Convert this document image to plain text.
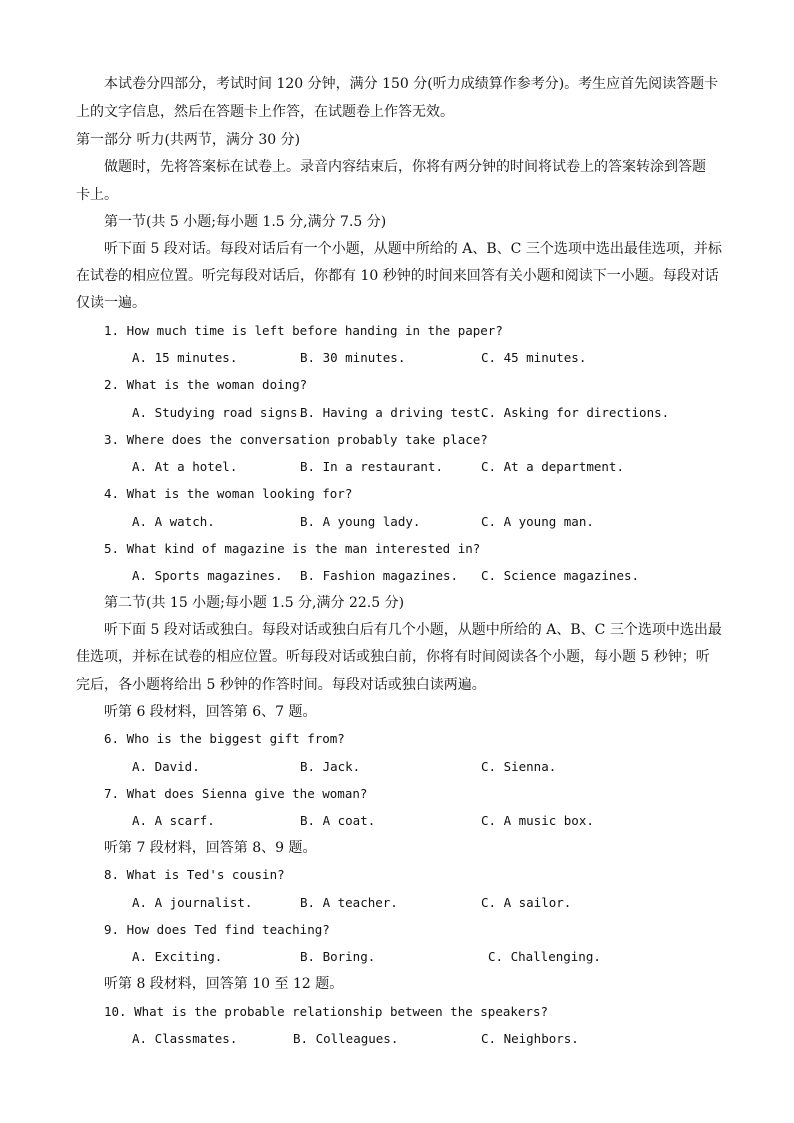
本试卷分四部分，考试时间 120 分钟，满分 150 分(听力成绩算作参考分)。考生应首先阅读答题卡
上的文字信息，然后在答题卡上作答，在试题卷上作答无效。
第一部分 听力(共两节，满分 30 分)
做题时，先将答案标在试卷上。录音内容结束后，你将有两分钟的时间将试卷上的答案转涂到答题
卡上。
第一节(共 5 小题;每小题 1.5 分,满分 7.5 分)
听下面 5 段对话。每段对话后有一个小题，从题中所给的 A、B、C 三个选项中选出最佳选项，并标
在试卷的相应位置。听完每段对话后，你都有 10 秒钟的时间来回答有关小题和阅读下一小题。每段对话
仅读一遍。
1. How much time is left before handing in the paper?
A. 15 minutes.	B. 30 minutes.	C. 45 minutes.
2. What is the woman doing?
A. Studying road signs.
B. Having a driving test.
C. Asking for directions.
3. Where does the conversation probably take place?
A. At a hotel.	B. In a restaurant.	C. At a department.
4. What is the woman looking for?
A. A watch.	B. A young lady.	C. A young man.
5. What kind of magazine is the man interested in?
A. Sports magazines. B. Fashion magazines. C. Science magazines.
第二节(共 15 小题;每小题 1.5 分,满分 22.5 分)
听下面 5 段对话或独白。每段对话或独白后有几个小题，从题中所给的 A、B、C 三个选项中选出最
佳选项，并标在试卷的相应位置。听每段对话或独白前，你将有时间阅读各个小题，每小题 5 秒钟；听
完后，各小题将给出 5 秒钟的作答时间。每段对话或独白读两遍。
听第 6 段材料，回答第 6、7 题。
6. Who is the biggest gift from?
A. David.	B. Jack.	C. Sienna.
7. What does Sienna give the woman?
A. A scarf.	B. A coat.	C. A music box.
听第 7 段材料，回答第 8、9 题。
8. What is Ted's cousin?
A. A journalist.	B. A teacher.	C. A sailor.
9. How does Ted find teaching?
A. Exciting.	B. Boring.	C. Challenging.
听第 8 段材料，回答第 10 至 12 题。
10. What is the probable relationship between the speakers?
A. Classmates.	B. Colleagues.	C. Neighbors.
